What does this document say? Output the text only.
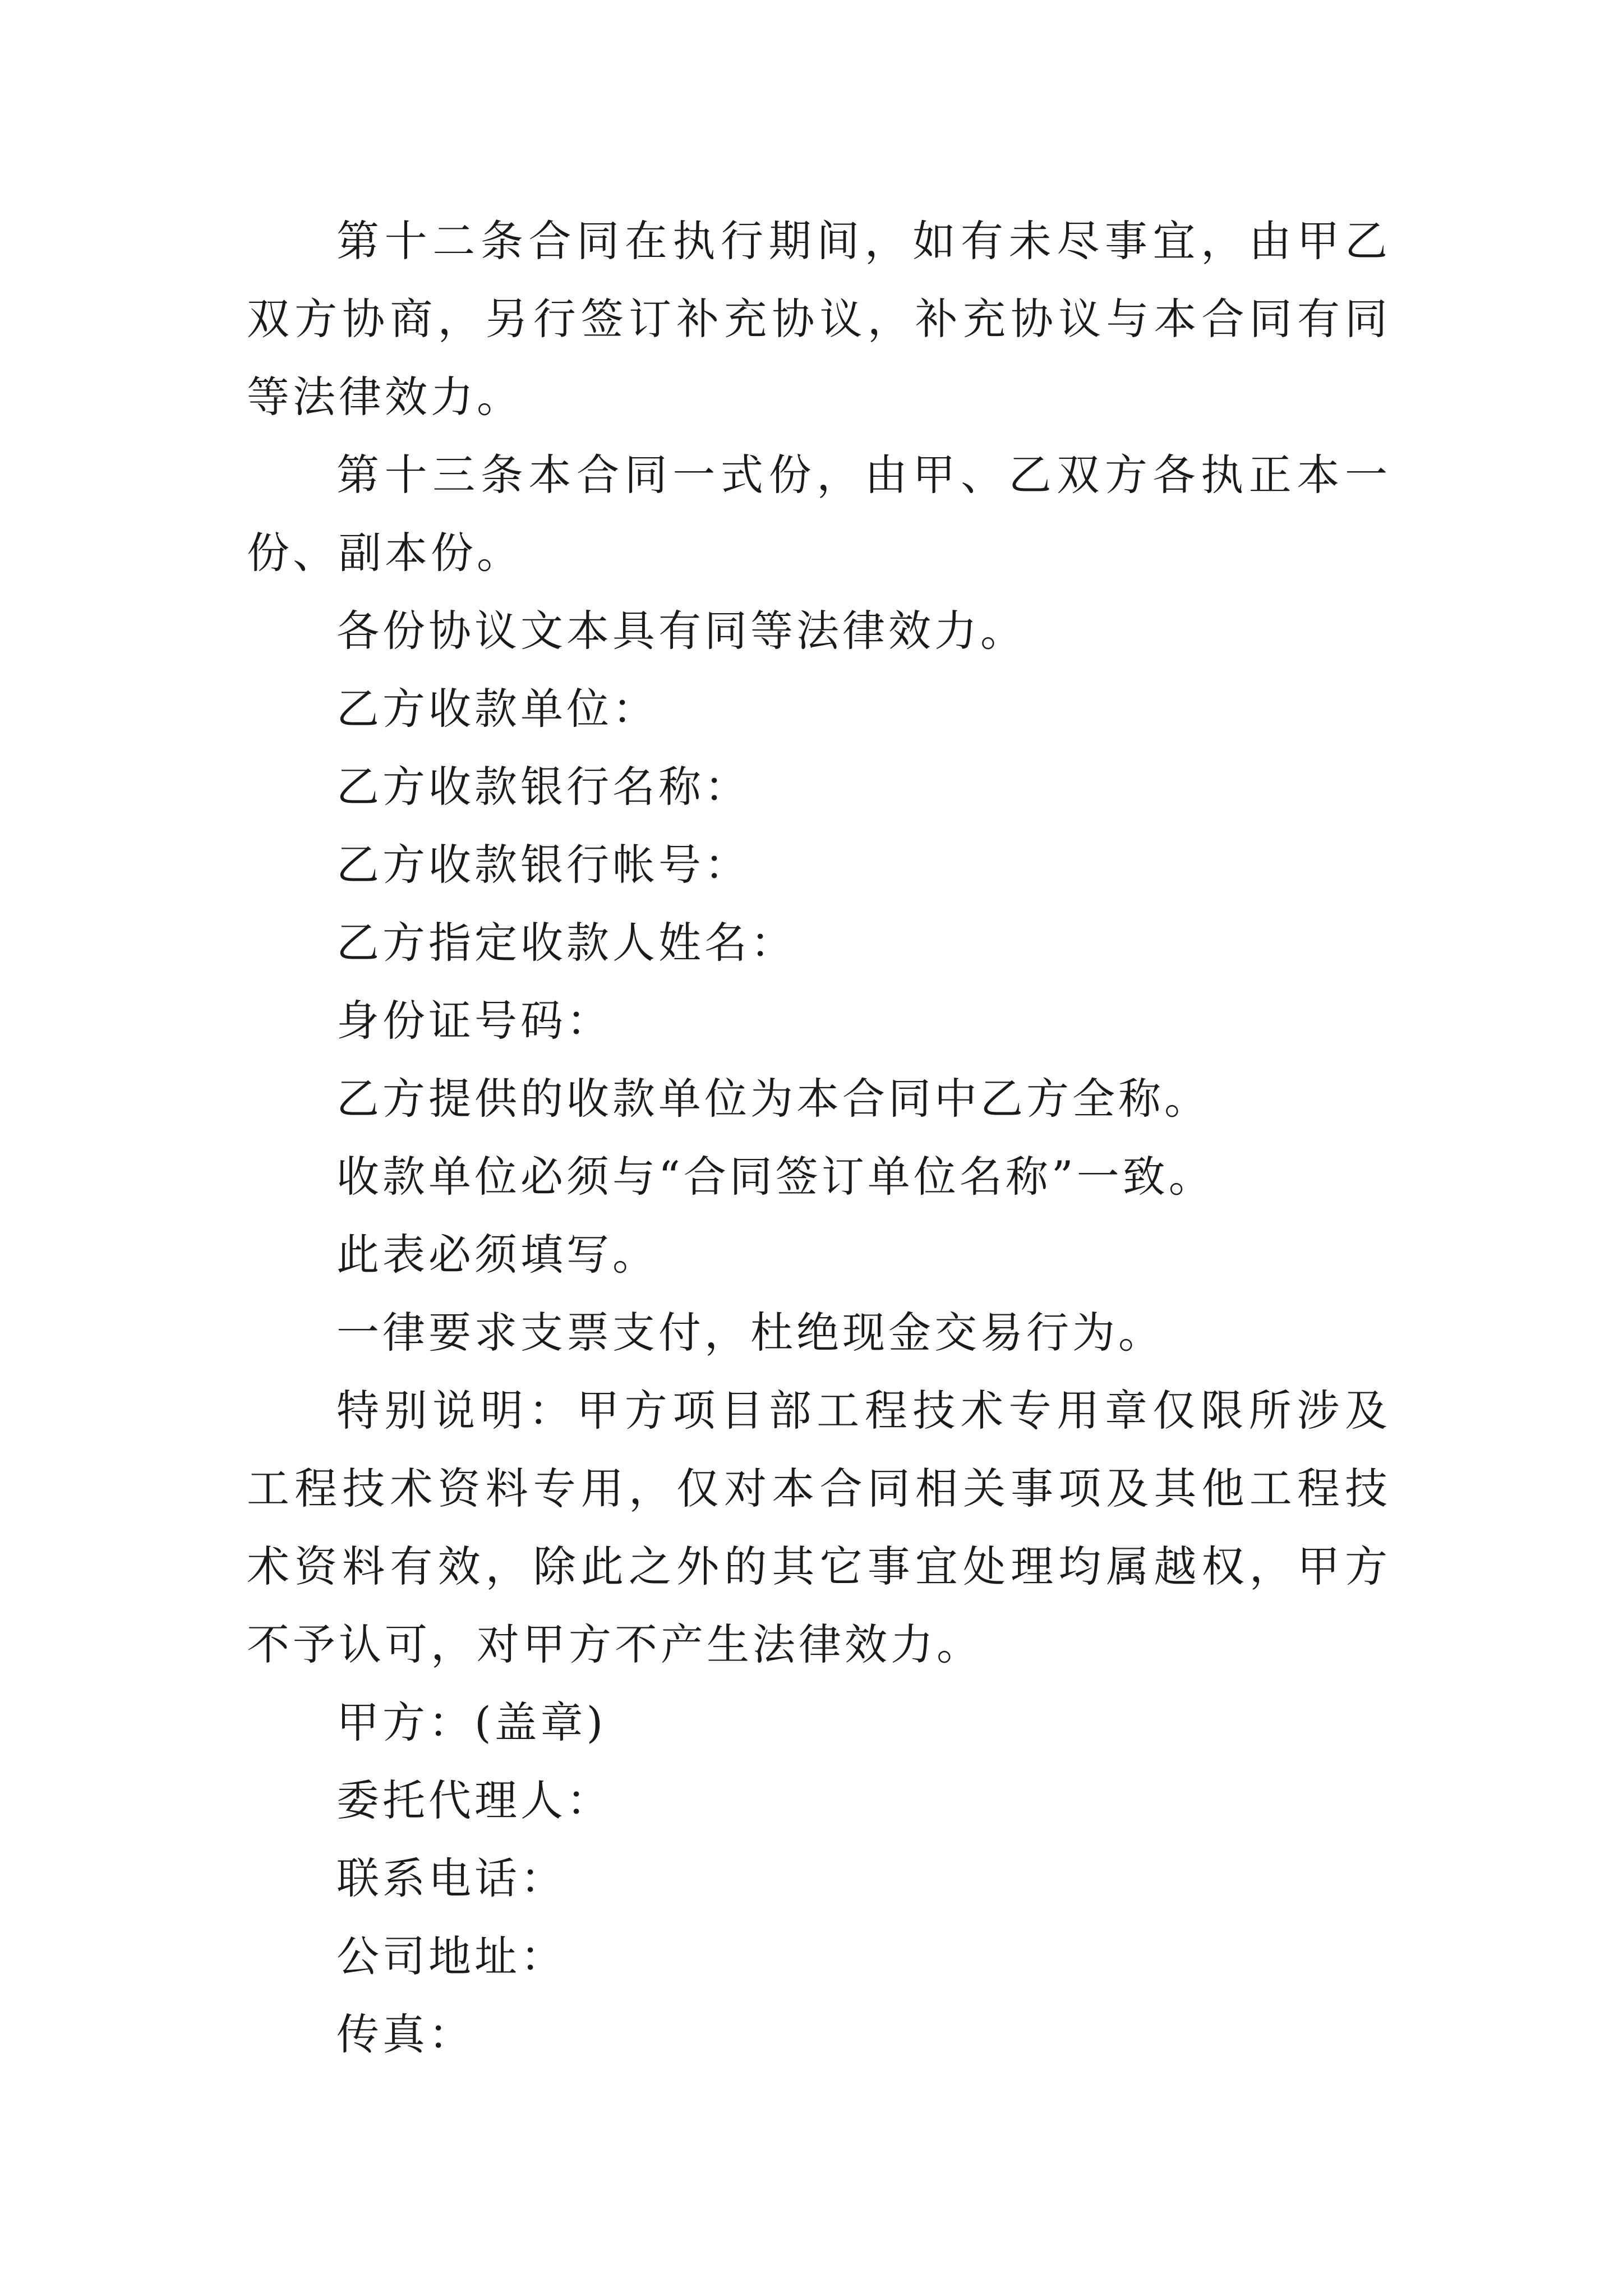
第十二条合同在执行期间，如有未尽事宜，由甲乙双方协商，另行签订补充协议，补充协议与本合同有同等法律效力。

第十三条本合同一式份，由甲、乙双方各执正本一份、副本份。

各份协议文本具有同等法律效力。

乙方收款单位：

乙方收款银行名称：

乙方收款银行帐号：

乙方指定收款人姓名：

身份证号码：

乙方提供的收款单位为本合同中乙方全称。

收款单位必须与“合同签订单位名称”一致。

此表必须填写。

一律要求支票支付，杜绝现金交易行为。

特别说明：甲方项目部工程技术专用章仅限所涉及工程技术资料专用，仅对本合同相关事项及其他工程技术资料有效，除此之外的其它事宜处理均属越权，甲方不予认可，对甲方不产生法律效力。

甲方：(盖章)

委托代理人：

联系电话：

公司地址：

传真：
